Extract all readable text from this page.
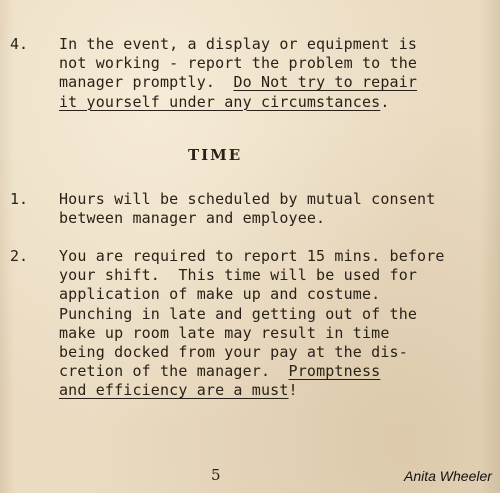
4. In the event, a display or equipment is
not working - report the problem to the
manager promptly.  Do Not try to repair
it yourself under any circumstances.
TIME
1. Hours will be scheduled by mutual consent
between manager and employee.
2. You are required to report 15 mins. before
your shift.  This time will be used for
application of make up and costume.
Punching in late and getting out of the
make up room late may result in time
being docked from your pay at the dis-
cretion of the manager.  Promptness
and efficiency are a must!
5	Anita Wheeler
